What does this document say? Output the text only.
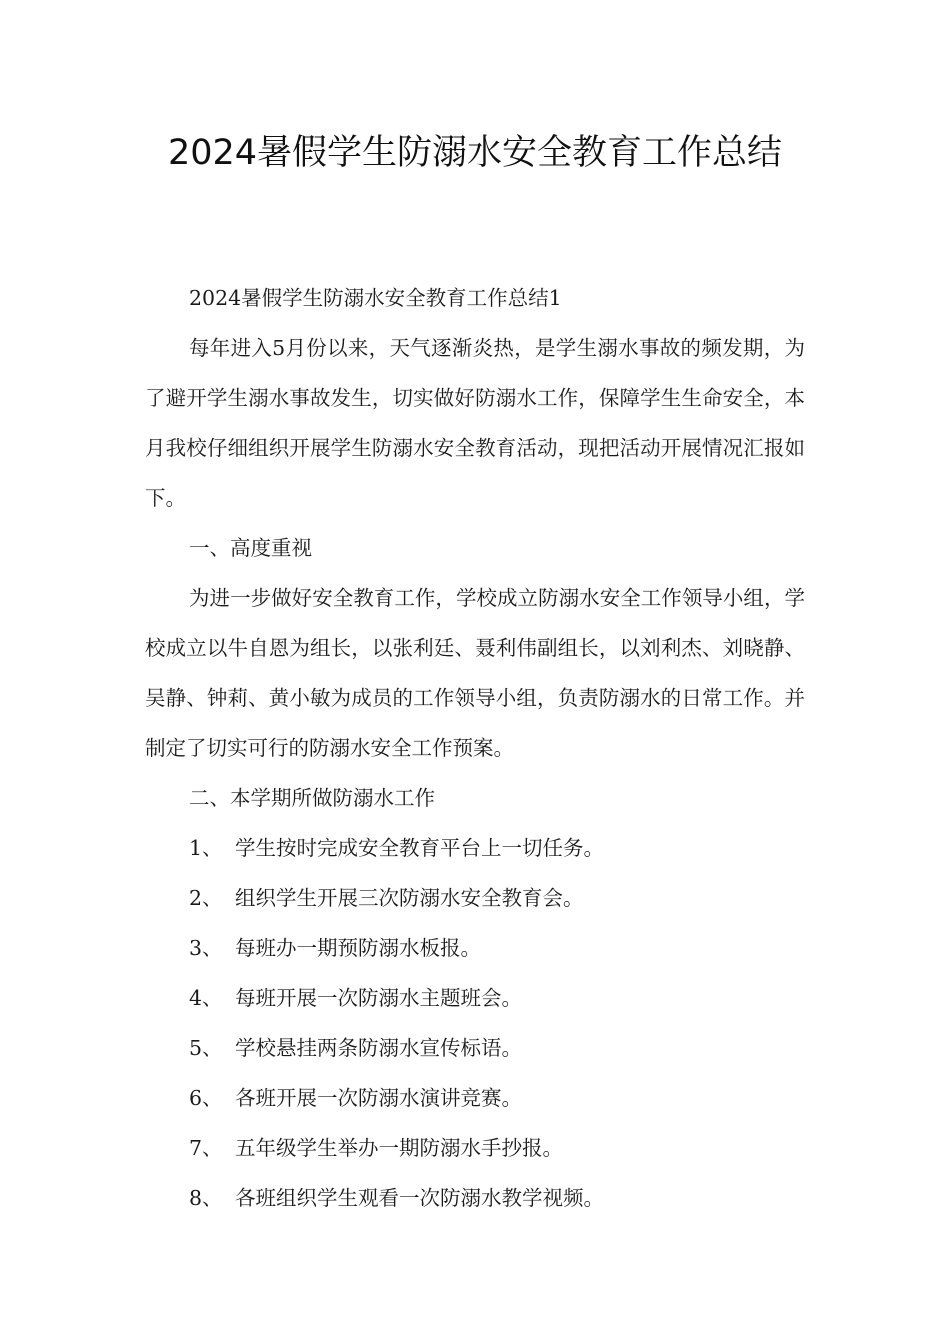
2024暑假学生防溺水安全教育工作总结

2024暑假学生防溺水安全教育工作总结1

每年进入5月份以来，天气逐渐炎热，是学生溺水事故的频发期，为了避开学生溺水事故发生，切实做好防溺水工作，保障学生生命安全，本月我校仔细组织开展学生防溺水安全教育活动，现把活动开展情况汇报如下。

一、高度重视

为进一步做好安全教育工作，学校成立防溺水安全工作领导小组，学校成立以牛自恩为组长，以张利廷、聂利伟副组长，以刘利杰、刘晓静、吴静、钟莉、黄小敏为成员的工作领导小组，负责防溺水的日常工作。并制定了切实可行的防溺水安全工作预案。

二、本学期所做防溺水工作

1、 学生按时完成安全教育平台上一切任务。
2、 组织学生开展三次防溺水安全教育会。
3、 每班办一期预防溺水板报。
4、 每班开展一次防溺水主题班会。
5、 学校悬挂两条防溺水宣传标语。
6、 各班开展一次防溺水演讲竞赛。
7、 五年级学生举办一期防溺水手抄报。
8、 各班组织学生观看一次防溺水教学视频。
